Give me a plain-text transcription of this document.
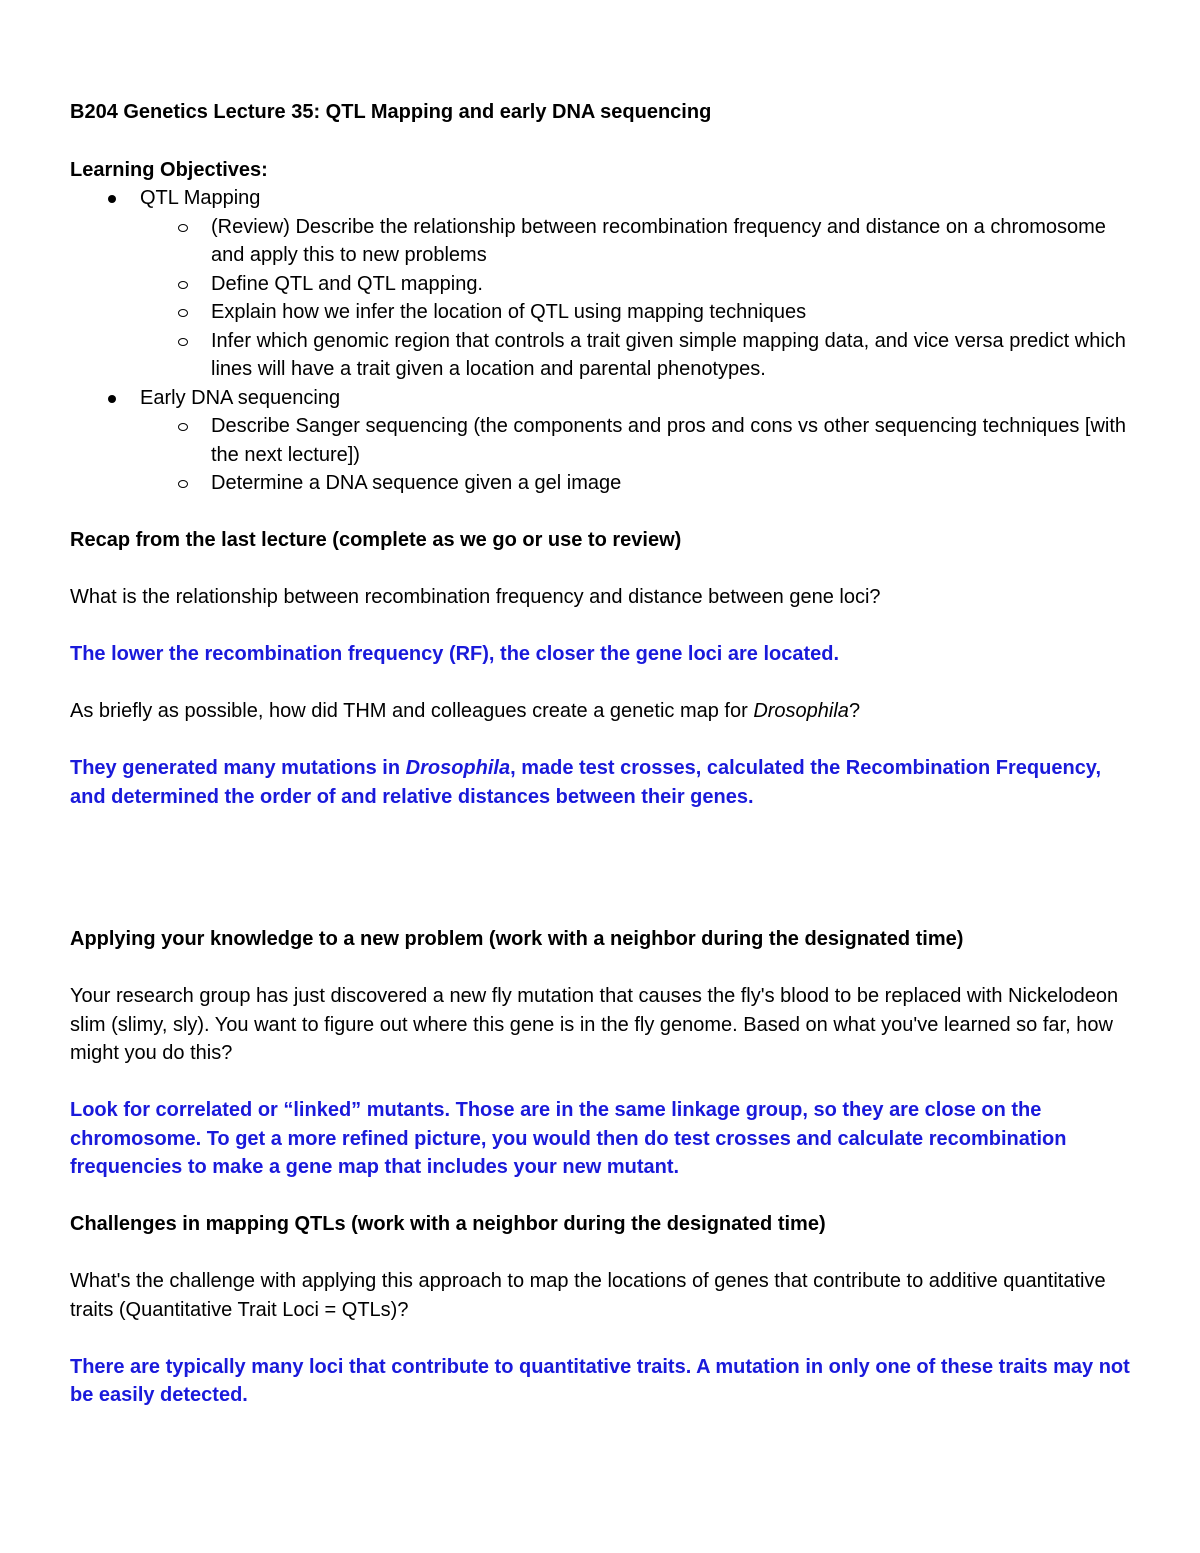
B204 Genetics Lecture 35: QTL Mapping and early DNA sequencing

Learning Objectives:

QTL Mapping
(Review) Describe the relationship between recombination frequency and distance on a chromosome and apply this to new problems
Define QTL and QTL mapping.
Explain how we infer the location of QTL using mapping techniques
Infer which genomic region that controls a trait given simple mapping data, and vice versa predict which lines will have a trait given a location and parental phenotypes.
Early DNA sequencing
Describe Sanger sequencing (the components and pros and cons vs other sequencing techniques [with the next lecture])
Determine a DNA sequence given a gel image

Recap from the last lecture (complete as we go or use to review)

What is the relationship between recombination frequency and distance between gene loci?

The lower the recombination frequency (RF), the closer the gene loci are located.

As briefly as possible, how did THM and colleagues create a genetic map for Drosophila?

They generated many mutations in Drosophila, made test crosses, calculated the Recombination Frequency, and determined the order of and relative distances between their genes.

Applying your knowledge to a new problem (work with a neighbor during the designated time)

Your research group has just discovered a new fly mutation that causes the fly's blood to be replaced with Nickelodeon slim (slimy, sly). You want to figure out where this gene is in the fly genome. Based on what you've learned so far, how might you do this?

Look for correlated or “linked” mutants. Those are in the same linkage group, so they are close on the chromosome. To get a more refined picture, you would then do test crosses and calculate recombination frequencies to make a gene map that includes your new mutant.

Challenges in mapping QTLs (work with a neighbor during the designated time)

What's the challenge with applying this approach to map the locations of genes that contribute to additive quantitative traits (Quantitative Trait Loci = QTLs)?

There are typically many loci that contribute to quantitative traits. A mutation in only one of these traits may not be easily detected.
